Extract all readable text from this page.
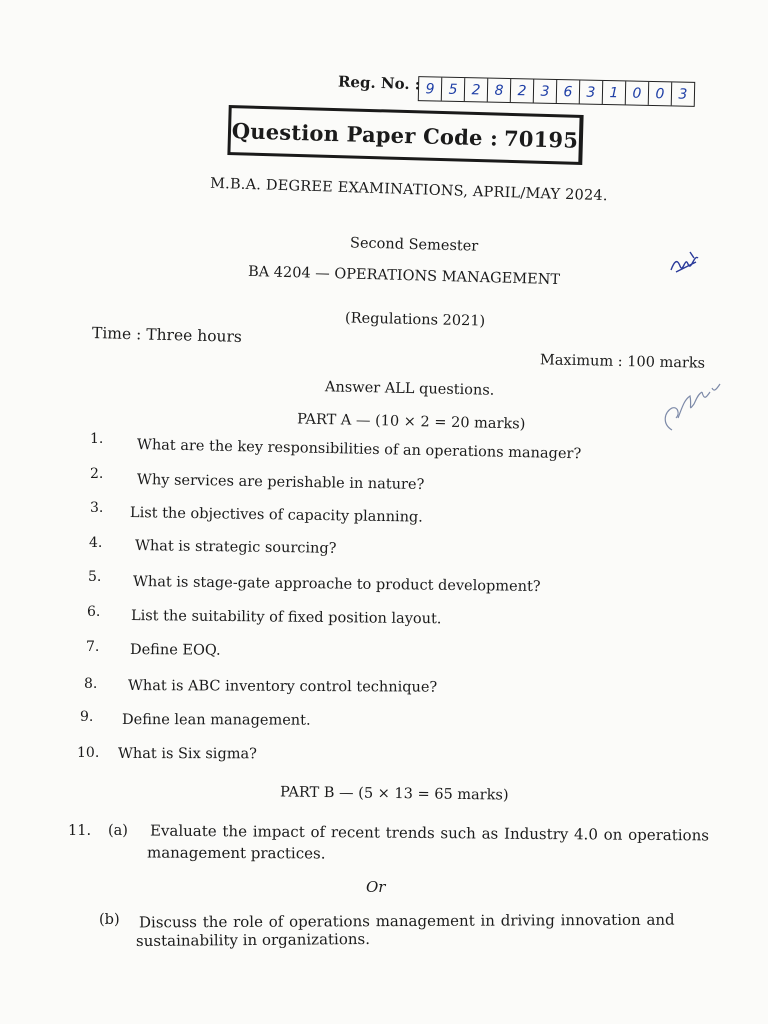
Reg. No. : 9 5 2 8 2 3 6 3 1 0 0 3
Question Paper Code : 70195
M.B.A. DEGREE EXAMINATIONS, APRIL/MAY 2024.
Second Semester
BA 4204 — OPERATIONS MANAGEMENT
(Regulations 2021)
Time : Three hours
Maximum : 100 marks
Answer ALL questions.
PART A — (10 × 2 = 20 marks)
1. What are the key responsibilities of an operations manager?
2. Why services are perishable in nature?
3. List the objectives of capacity planning.
4. What is strategic sourcing?
5. What is stage-gate approache to product development?
6. List the suitability of fixed position layout.
7. Define EOQ.
8. What is ABC inventory control technique?
9. Define lean management.
10. What is Six sigma?
PART B — (5 × 13 = 65 marks)
11. (a) Evaluate the impact of recent trends such as Industry 4.0 on operations
management practices.
Or
(b) Discuss the role of operations management in driving innovation and
sustainability in organizations.
